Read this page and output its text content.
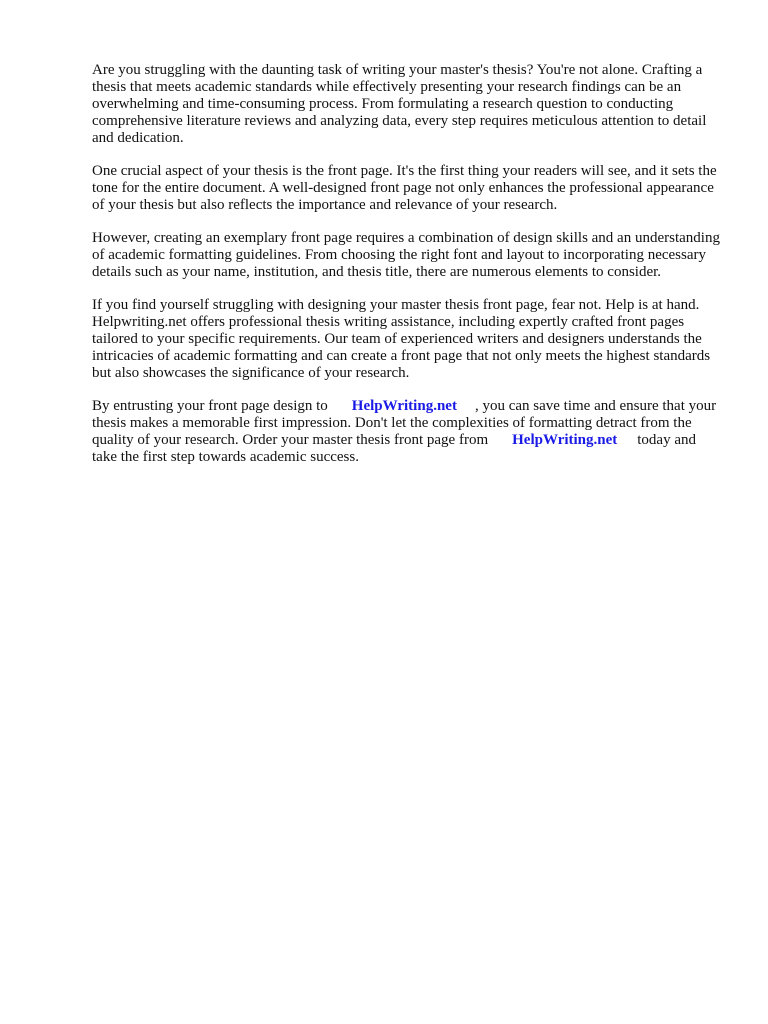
Are you struggling with the daunting task of writing your master's thesis? You're not alone. Crafting a thesis that meets academic standards while effectively presenting your research findings can be an overwhelming and time-consuming process. From formulating a research question to conducting comprehensive literature reviews and analyzing data, every step requires meticulous attention to detail and dedication.

One crucial aspect of your thesis is the front page. It's the first thing your readers will see, and it sets the tone for the entire document. A well-designed front page not only enhances the professional appearance of your thesis but also reflects the importance and relevance of your research.

However, creating an exemplary front page requires a combination of design skills and an understanding of academic formatting guidelines. From choosing the right font and layout to incorporating necessary details such as your name, institution, and thesis title, there are numerous elements to consider.

If you find yourself struggling with designing your master thesis front page, fear not. Help is at hand. Helpwriting.net offers professional thesis writing assistance, including expertly crafted front pages tailored to your specific requirements. Our team of experienced writers and designers understands the intricacies of academic formatting and can create a front page that not only meets the highest standards but also showcases the significance of your research.

By entrusting your front page design to HelpWriting.net , you can save time and ensure that your thesis makes a memorable first impression. Don't let the complexities of formatting detract from the quality of your research. Order your master thesis front page from HelpWriting.net today and take the first step towards academic success.
